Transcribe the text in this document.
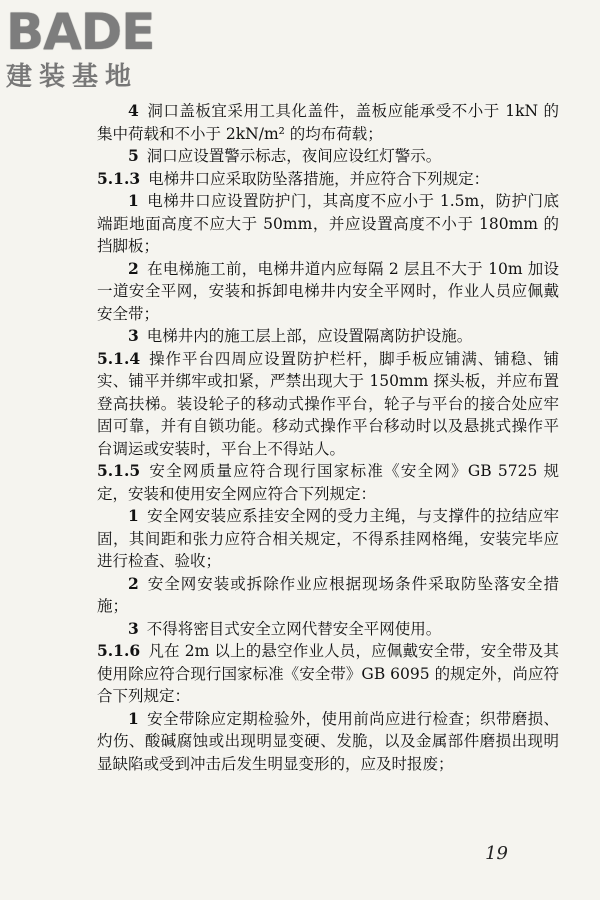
BADE
建装基地

4 洞口盖板宜采用工具化盖件，盖板应能承受不小于 1kN 的集中荷载和不小于 2kN/m² 的均布荷载；

5 洞口应设置警示标志，夜间应设红灯警示。

5.1.3 电梯井口应采取防坠落措施，并应符合下列规定：

1 电梯井口应设置防护门，其高度不应小于 1.5m，防护门底端距地面高度不应大于 50mm，并应设置高度不小于 180mm 的挡脚板；

2 在电梯施工前，电梯井道内应每隔 2 层且不大于 10m 加设一道安全平网，安装和拆卸电梯井内安全平网时，作业人员应佩戴安全带；

3 电梯井内的施工层上部，应设置隔离防护设施。

5.1.4 操作平台四周应设置防护栏杆，脚手板应铺满、铺稳、铺实、铺平并绑牢或扣紧，严禁出现大于 150mm 探头板，并应布置登高扶梯。装设轮子的移动式操作平台，轮子与平台的接合处应牢固可靠，并有自锁功能。移动式操作平台移动时以及悬挑式操作平台调运或安装时，平台上不得站人。

5.1.5 安全网质量应符合现行国家标准《安全网》GB 5725 规定，安装和使用安全网应符合下列规定：

1 安全网安装应系挂安全网的受力主绳，与支撑件的拉结应牢固，其间距和张力应符合相关规定，不得系挂网格绳，安装完毕应进行检查、验收；

2 安全网安装或拆除作业应根据现场条件采取防坠落安全措施；

3 不得将密目式安全立网代替安全平网使用。

5.1.6 凡在 2m 以上的悬空作业人员，应佩戴安全带，安全带及其使用除应符合现行国家标准《安全带》GB 6095 的规定外，尚应符合下列规定：

1 安全带除应定期检验外，使用前尚应进行检查；织带磨损、灼伤、酸碱腐蚀或出现明显变硬、发脆，以及金属部件磨损出现明显缺陷或受到冲击后发生明显变形的，应及时报废；

19
